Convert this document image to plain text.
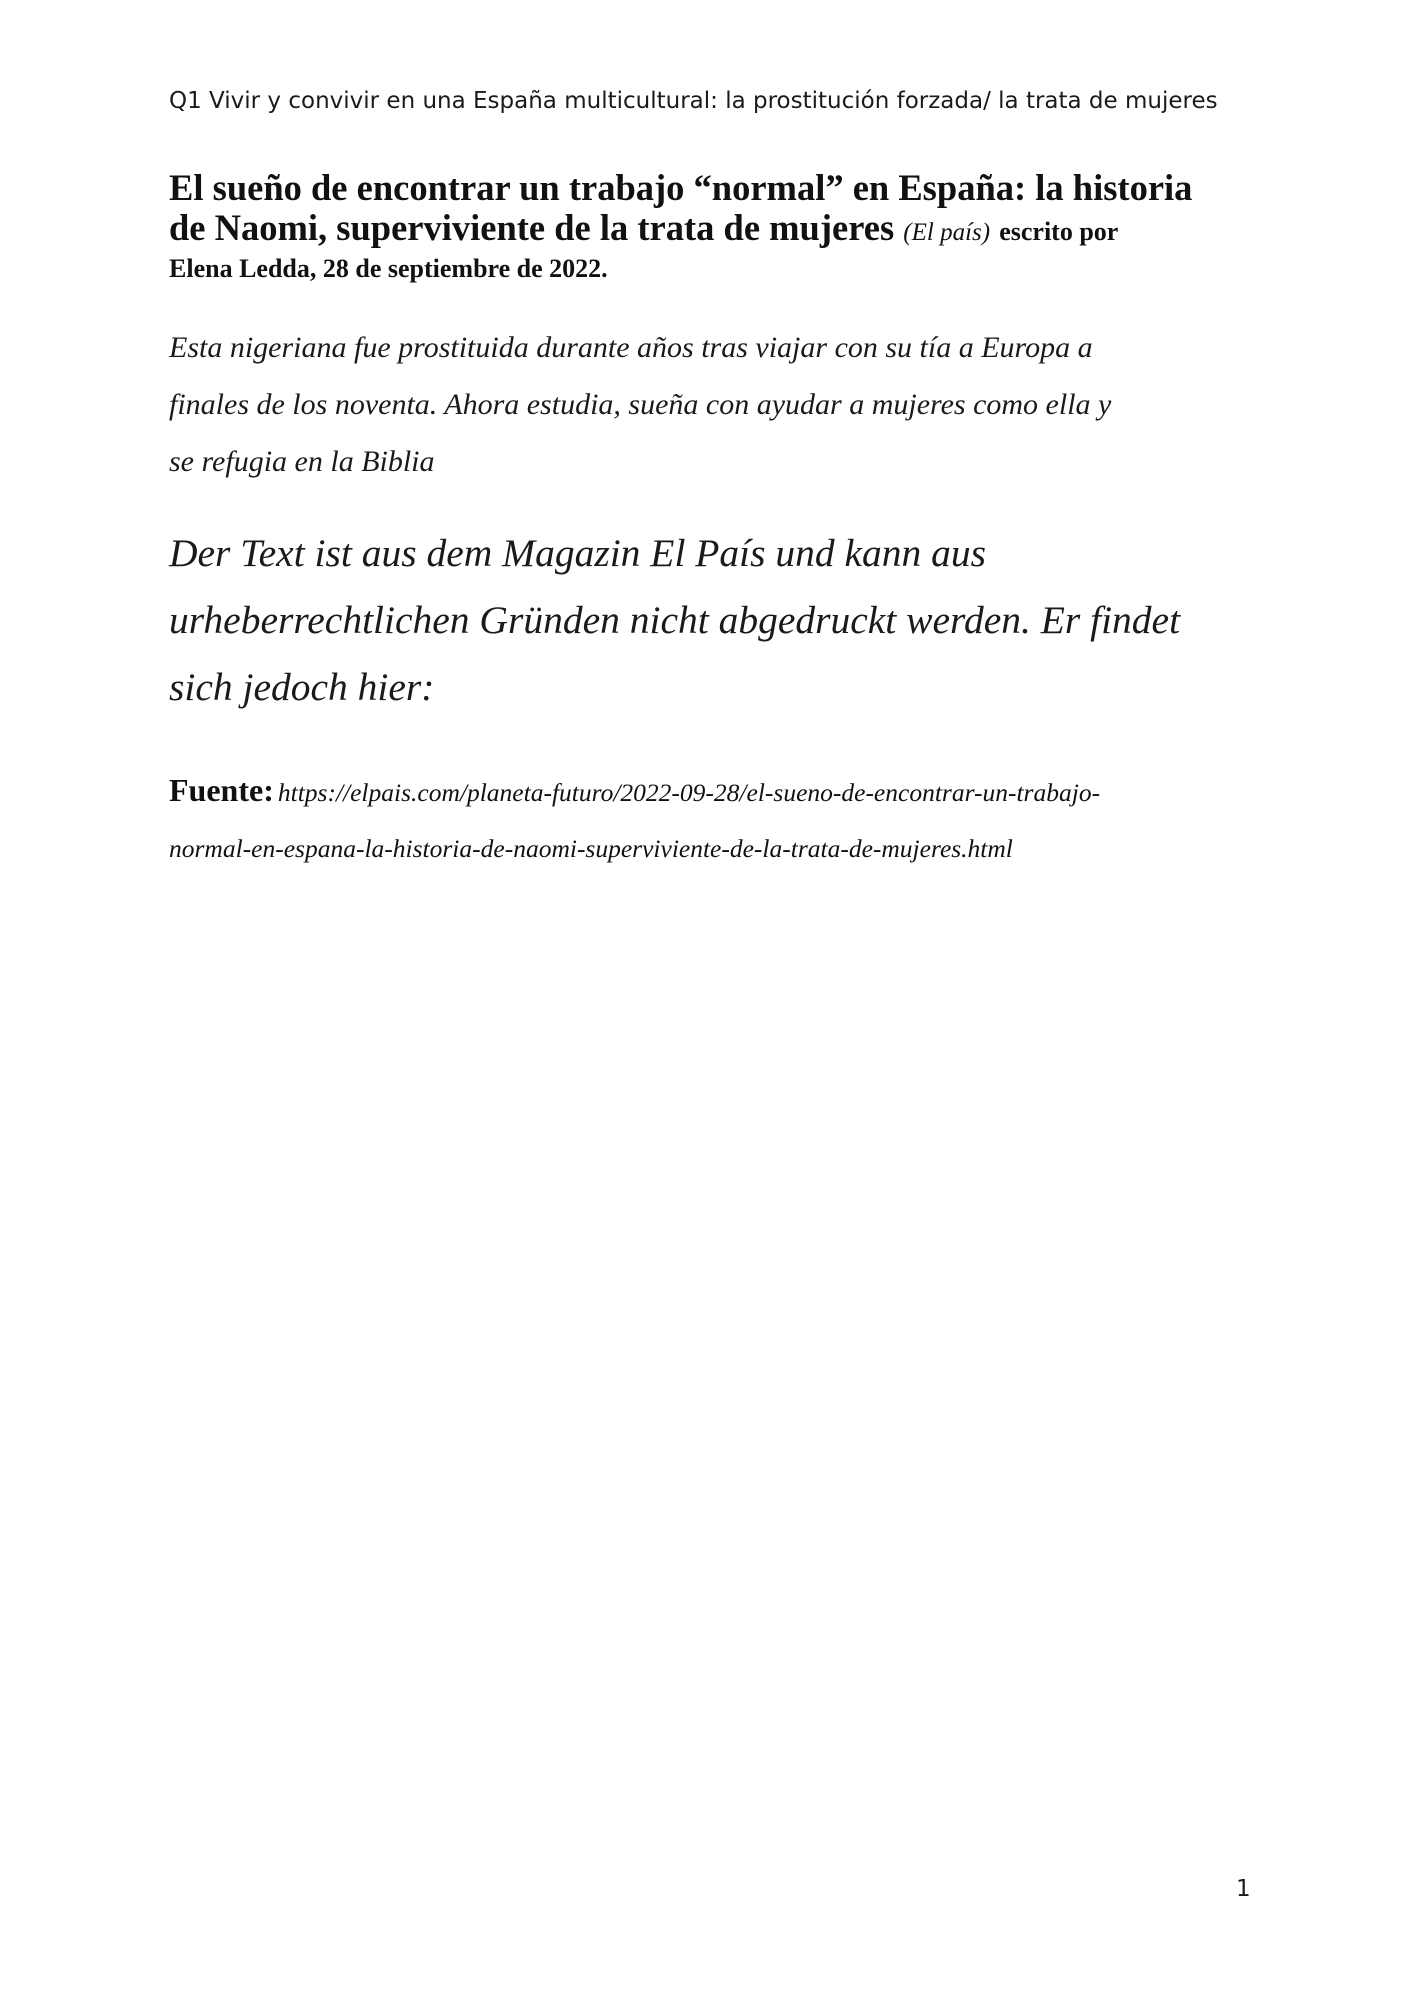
Q1 Vivir y convivir en una España multicultural: la prostitución forzada/ la trata de mujeres
El sueño de encontrar un trabajo “normal” en España: la historia
de Naomi, superviviente de la trata de mujeres (El país) escrito por
Elena Ledda, 28 de septiembre de 2022.
Esta nigeriana fue prostituida durante años tras viajar con su tía a Europa a
finales de los noventa. Ahora estudia, sueña con ayudar a mujeres como ella y
se refugia en la Biblia
Der Text ist aus dem Magazin El País und kann aus
urheberrechtlichen Gründen nicht abgedruckt werden. Er findet
sich jedoch hier:
Fuente: https://elpais.com/planeta-futuro/2022-09-28/el-sueno-de-encontrar-un-trabajo-
normal-en-espana-la-historia-de-naomi-superviviente-de-la-trata-de-mujeres.html
1
